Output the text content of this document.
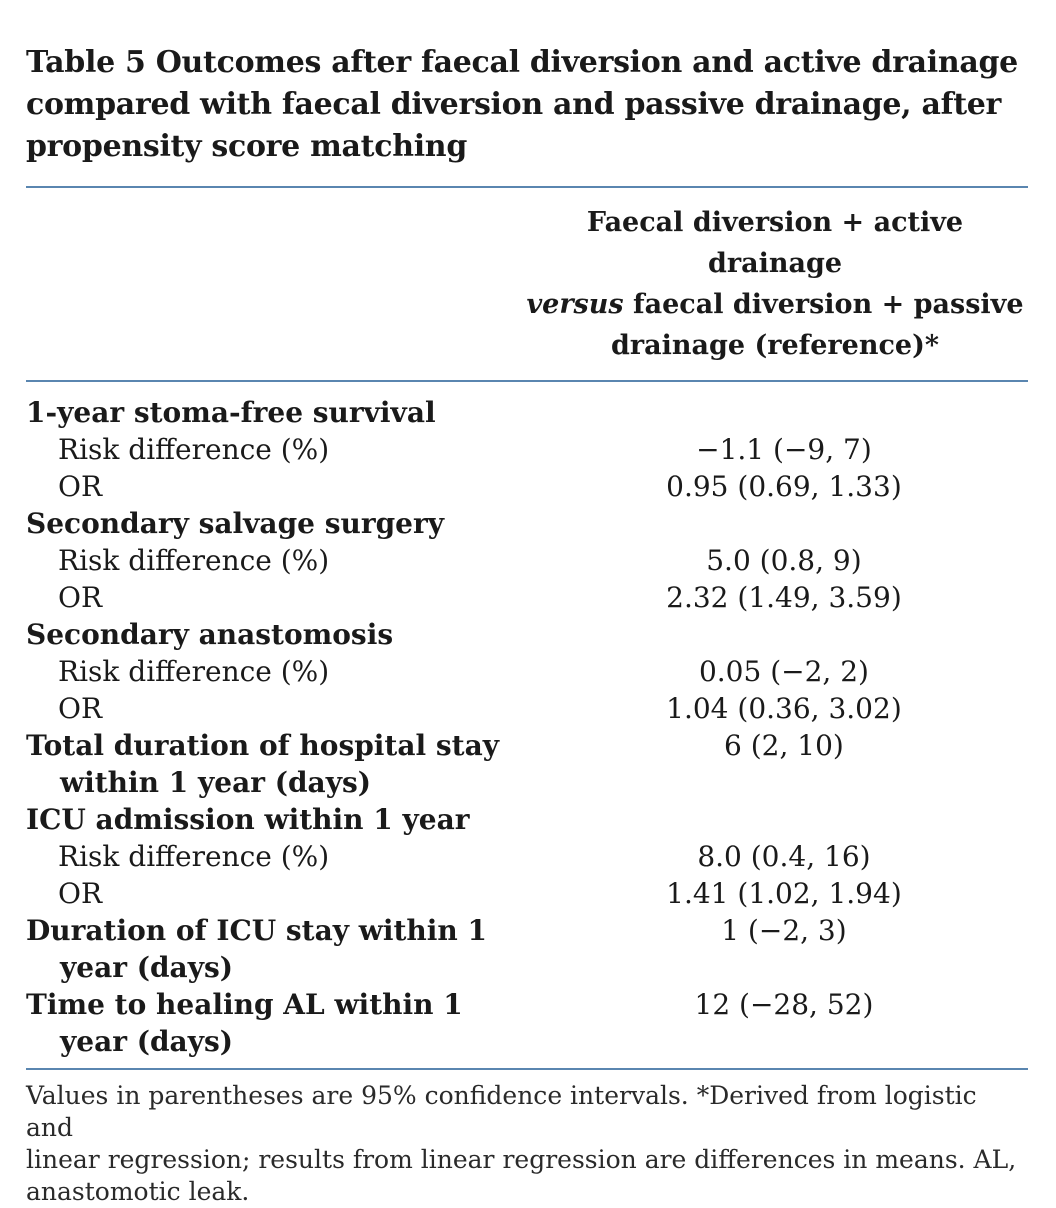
Table 5 Outcomes after faecal diversion and active drainage
compared with faecal diversion and passive drainage, after
propensity score matching
Faecal diversion + active drainage
versus faecal diversion + passive
drainage (reference)*
1-year stoma-free survival	
Risk difference (%)	−1.1 (−9, 7)
OR	0.95 (0.69, 1.33)
Secondary salvage surgery	
Risk difference (%)	5.0 (0.8, 9)
OR	2.32 (1.49, 3.59)
Secondary anastomosis	
Risk difference (%)	0.05 (−2, 2)
OR	1.04 (0.36, 3.02)
Total duration of hospital stay
within 1 year (days)	6 (2, 10)
ICU admission within 1 year	
Risk difference (%)	8.0 (0.4, 16)
OR	1.41 (1.02, 1.94)
Duration of ICU stay within 1
year (days)	1 (−2, 3)
Time to healing AL within 1
year (days)	12 (−28, 52)
Values in parentheses are 95% confidence intervals. *Derived from logistic and
linear regression; results from linear regression are differences in means. AL,
anastomotic leak.
